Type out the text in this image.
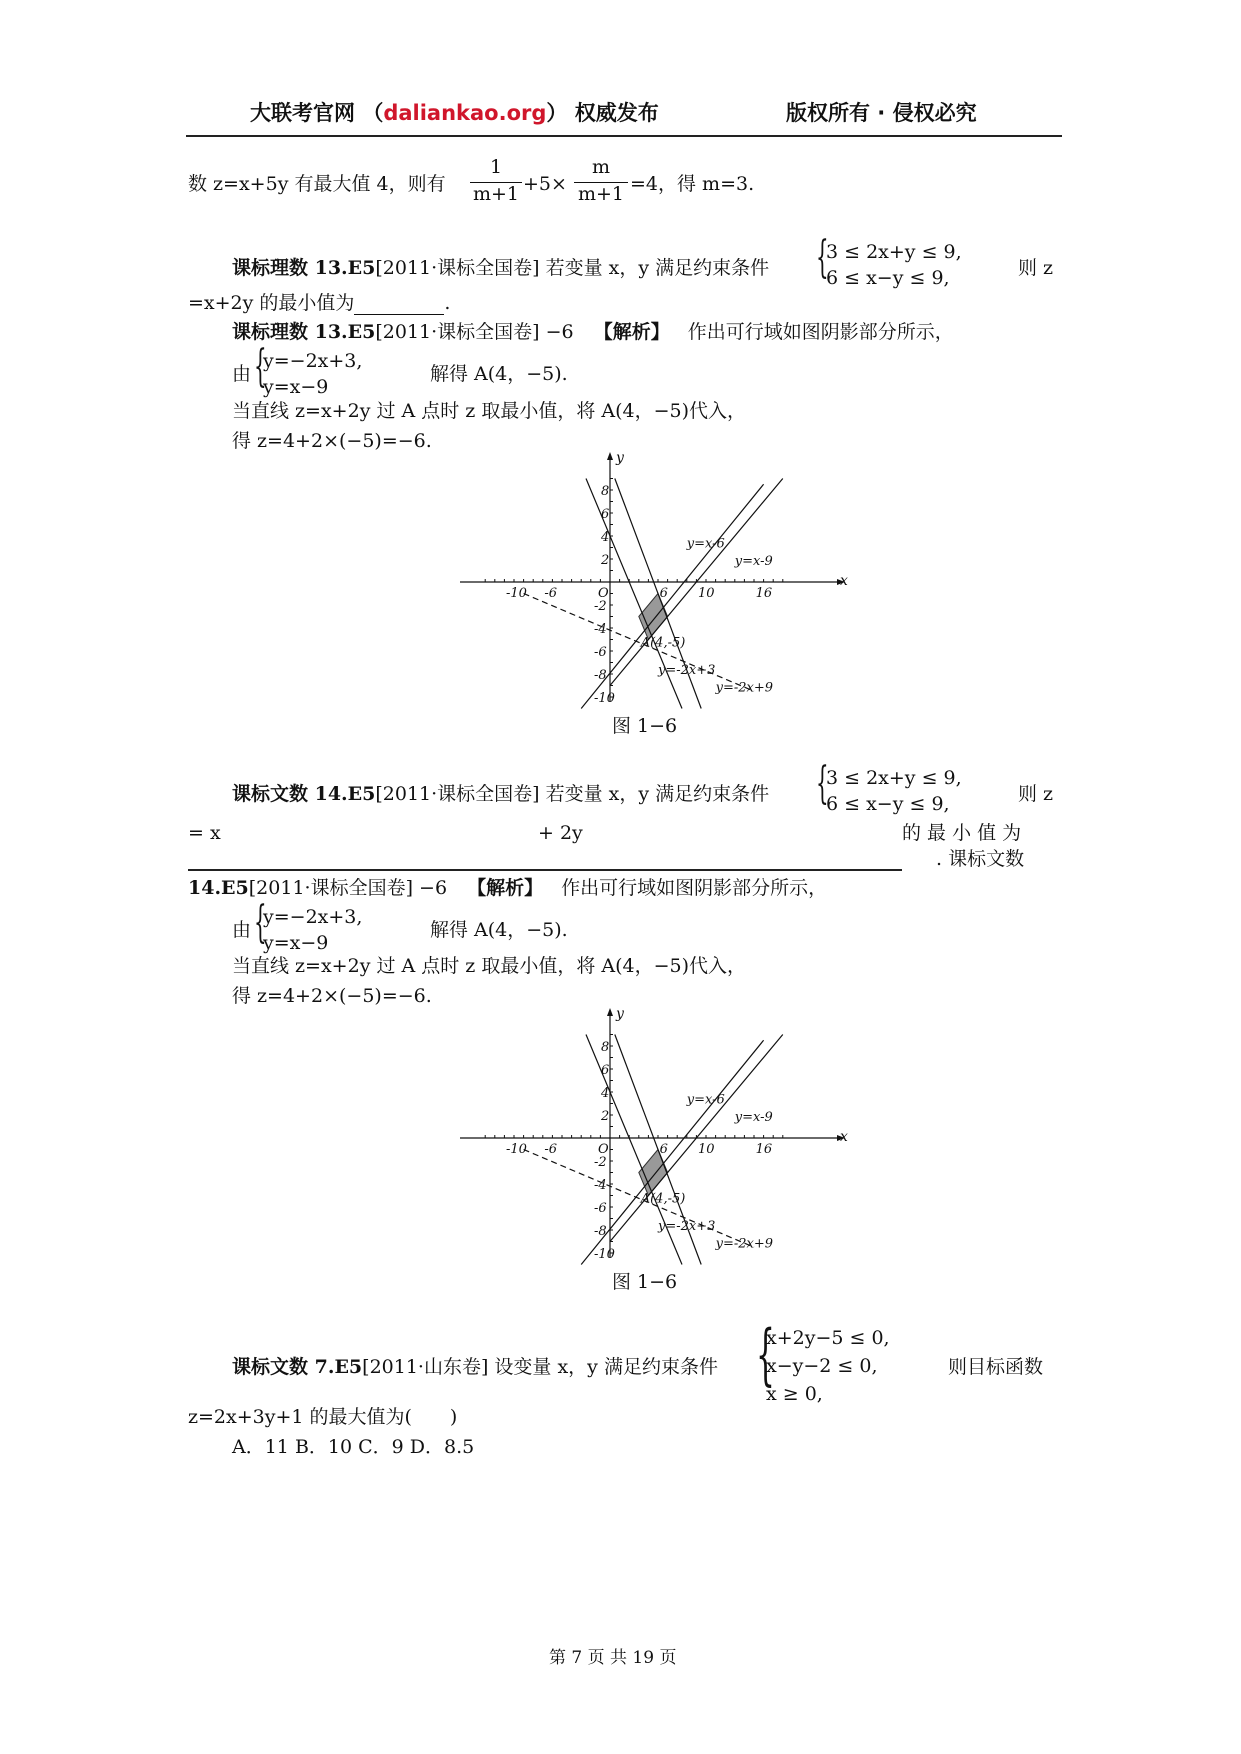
大联考官网 （daliankao.org） 权威发布	版权所有 · 侵权必究
数 z=x+5y 有最大值 4，则有
1
m+1 +5×
m
m+1 =4，得 m=3.
课标理数 13.E5[2011·课标全国卷] 若变量 x，y 满足约束条件 {
3 ≤ 2x+y ≤ 9,
6 ≤ x−y ≤ 9,	则 z
=x+2y 的最小值为	.
课标理数 13.E5[2011·课标全国卷] −6 【解析】 作出可行域如图阴影部分所示，
由 {
y=−2x+3,
y=x−9
解得 A(4，−5).
当直线 z=x+2y 过 A 点时 z 取最小值，将 A(4，−5)代入，
得 z=4+2×(−5)=−6.
-10 -6	O	6 10	16
8
6
4
2
-2
-4
-6
-8
-10
x
y
y=x-6
y=x-9
y=-2x+3
y=-2x+9
A(4,-5)
图 1−6
课标文数 14.E5[2011·课标全国卷] 若变量 x，y 满足约束条件 {
3 ≤ 2x+y ≤ 9,
6 ≤ x−y ≤ 9,	则 z
= x	+ 2y	的 最 小 值 为
. 课标文数
14.E5[2011·课标全国卷] −6 【解析】 作出可行域如图阴影部分所示，
由 {
y=−2x+3,
y=x−9
解得 A(4，−5).
当直线 z=x+2y 过 A 点时 z 取最小值，将 A(4，−5)代入，
得 z=4+2×(−5)=−6.
-10 -6	O	6 10	16
8
6
4
2
-2
-4
-6
-8
-10
x
y
y=x-6
y=x-9
y=-2x+3
y=-2x+9
A(4,-5)
图 1−6
课标文数 7.E5[2011·山东卷] 设变量 x，y 满足约束条件 {
x+2y−5 ≤ 0,
x−y−2 ≤ 0,
x ≥ 0,
则目标函数
z=2x+3y+1 的最大值为(　　)
A．11 B．10 C．9 D．8.5
第 7 页 共 19 页
